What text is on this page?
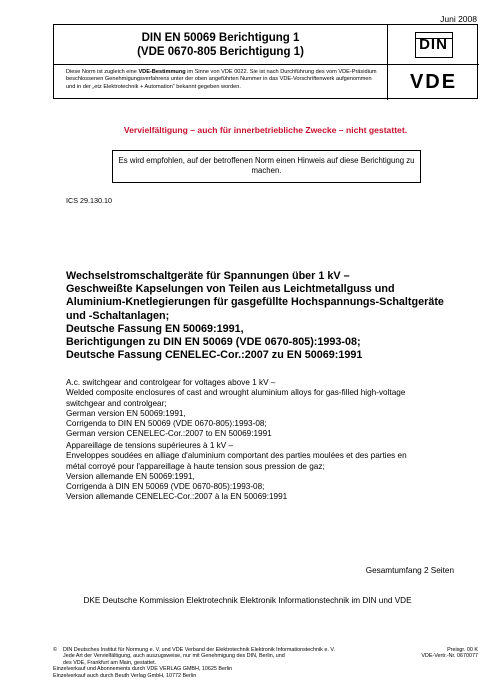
Juni 2008
DIN EN 50069 Berichtigung 1
(VDE 0670-805 Berichtigung 1)
Diese Norm ist zugleich eine VDE-Bestimmung im Sinne von VDE 0022. Sie ist nach Durchführung des vom VDE-Präsidium beschlossenen Genehmigungsverfahrens unter der oben angeführten Nummer in das VDE-Vorschriftenwerk aufgenommen und in der „etz Elektrotechnik + Automation“ bekannt gegeben worden.
DIN
VDE
Vervielfältigung – auch für innerbetriebliche Zwecke – nicht gestattet.
Es wird empfohlen, auf der betroffenen Norm einen Hinweis auf diese Berichtigung zu machen.
ICS 29.130.10
Wechselstromschaltgeräte für Spannungen über 1 kV –
Geschweißte Kapselungen von Teilen aus Leichtmetallguss und
Aluminium-Knetlegierungen für gasgefüllte Hochspannungs-Schaltgeräte
und -Schaltanlagen;
Deutsche Fassung EN 50069:1991,
Berichtigungen zu DIN EN 50069 (VDE 0670-805):1993-08;
Deutsche Fassung CENELEC-Cor.:2007 zu EN 50069:1991
A.c. switchgear and controlgear for voltages above 1 kV –
Welded composite enclosures of cast and wrought aluminium alloys for gas-filled high-voltage
switchgear and controlgear;
German version EN 50069:1991,
Corrigenda to DIN EN 50069 (VDE 0670-805):1993-08;
German version CENELEC-Cor.:2007 to EN 50069:1991
Appareillage de tensions supérieures à 1 kV –
Enveloppes soudées en alliage d'aluminium comportant des parties moulées et des parties en
métal corroyé pour l'appareillage à haute tension sous pression de gaz;
Version allemande EN 50069:1991,
Corrigenda à DIN EN 50069 (VDE 0670-805):1993-08;
Version allemande CENELEC-Cor.:2007 à la EN 50069:1991
Gesamtumfang 2 Seiten
DKE Deutsche Kommission Elektrotechnik Elektronik Informationstechnik im DIN und VDE
© DIN Deutsches Institut für Normung e. V. und VDE Verband der Elektrotechnik Elektronik Informationstechnik e. V.
Jede Art der Vervielfältigung, auch auszugsweise, nur mit Genehmigung des DIN, Berlin, und
des VDE, Frankfurt am Main, gestattet.
Einzelverkauf und Abonnements durch VDE VERLAG GMBH, 10625 Berlin
Einzelverkauf auch durch Beuth Verlag GmbH, 10772 Berlin
Preisgr. 00 K
VDE-Vertr.-Nr. 0670077
